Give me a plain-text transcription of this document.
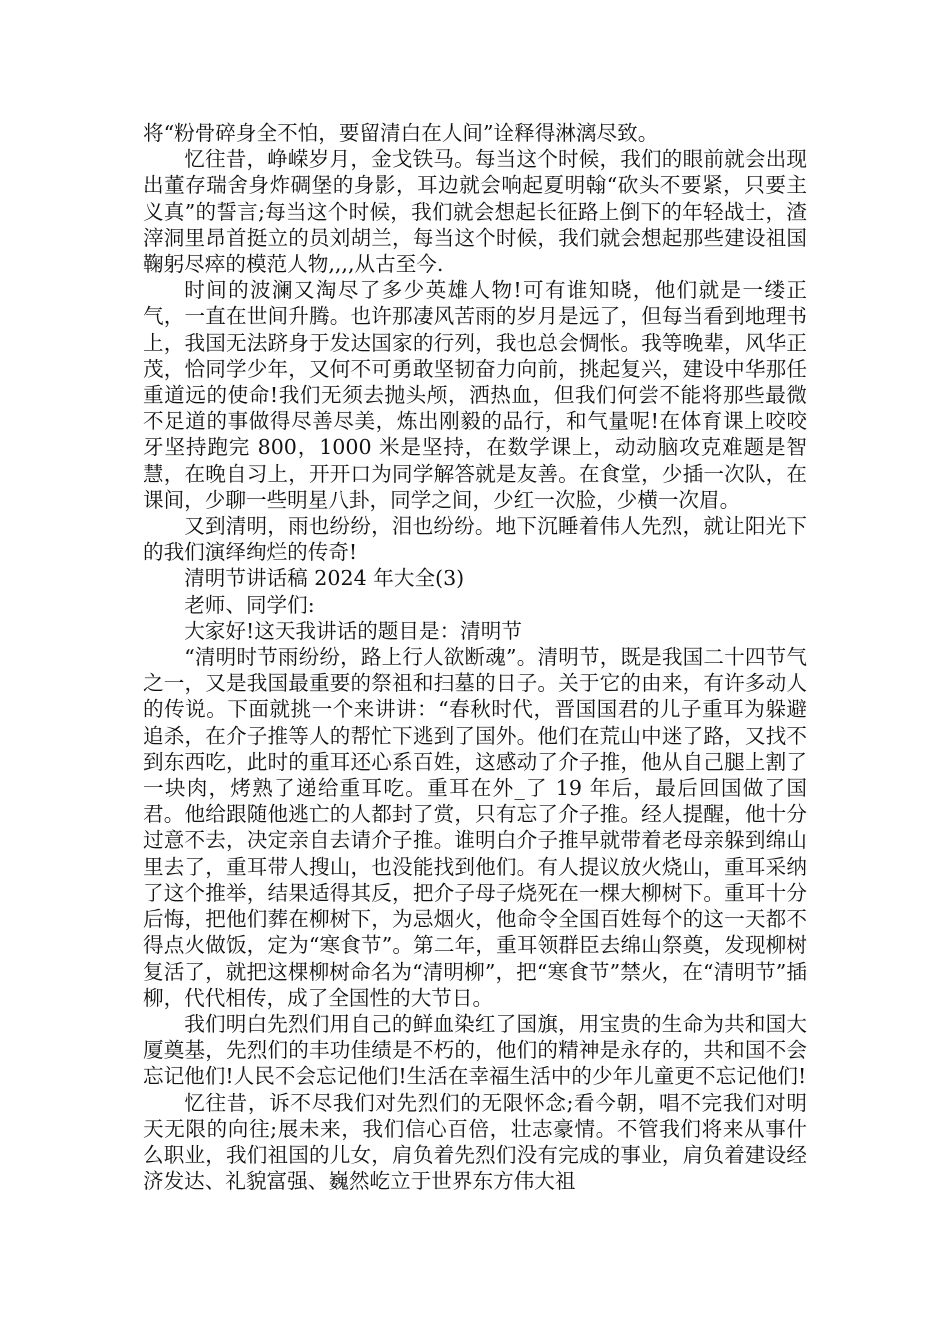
将“粉骨碎身全不怕，要留清白在人间”诠释得淋漓尽致。

忆往昔，峥嵘岁月，金戈铁马。每当这个时候，我们的眼前就会出现出董存瑞舍身炸碉堡的身影，耳边就会响起夏明翰“砍头不要紧，只要主义真”的誓言;每当这个时候，我们就会想起长征路上倒下的年轻战士，渣滓洞里昂首挺立的员刘胡兰，每当这个时候，我们就会想起那些建设祖国鞠躬尽瘁的模范人物,,,,从古至今.

时间的波澜又淘尽了多少英雄人物!可有谁知晓，他们就是一缕正气，一直在世间升腾。也许那凄风苦雨的岁月是远了，但每当看到地理书上，我国无法跻身于发达国家的行列，我也总会惆怅。我等晚辈，风华正茂，恰同学少年，又何不可勇敢坚韧奋力向前，挑起复兴，建设中华那任重道远的使命!我们无须去抛头颅，洒热血，但我们何尝不能将那些最微不足道的事做得尽善尽美，炼出刚毅的品行，和气量呢!在体育课上咬咬牙坚持跑完 800，1000 米是坚持，在数学课上，动动脑攻克难题是智慧，在晚自习上，开开口为同学解答就是友善。在食堂，少插一次队，在课间，少聊一些明星八卦，同学之间，少红一次脸，少横一次眉。

又到清明，雨也纷纷，泪也纷纷。地下沉睡着伟人先烈，就让阳光下的我们演绎绚烂的传奇!

清明节讲话稿 2024 年大全(3)

老师、同学们:

大家好!这天我讲话的题目是：清明节

“清明时节雨纷纷，路上行人欲断魂”。清明节，既是我国二十四节气之一，又是我国最重要的祭祖和扫墓的日子。关于它的由来，有许多动人的传说。下面就挑一个来讲讲：“春秋时代，晋国国君的儿子重耳为躲避追杀，在介子推等人的帮忙下逃到了国外。他们在荒山中迷了路，又找不到东西吃，此时的重耳还心系百姓，这感动了介子推，他从自己腿上割了一块肉，烤熟了递给重耳吃。重耳在外_了 19 年后，最后回国做了国君。他给跟随他逃亡的人都封了赏，只有忘了介子推。经人提醒，他十分过意不去，决定亲自去请介子推。谁明白介子推早就带着老母亲躲到绵山里去了，重耳带人搜山，也没能找到他们。有人提议放火烧山，重耳采纳了这个推举，结果适得其反，把介子母子烧死在一棵大柳树下。重耳十分后悔，把他们葬在柳树下，为忌烟火，他命令全国百姓每个的这一天都不得点火做饭，定为“寒食节”。第二年，重耳领群臣去绵山祭奠，发现柳树复活了，就把这棵柳树命名为“清明柳”，把“寒食节”禁火，在“清明节”插柳，代代相传，成了全国性的大节日。

我们明白先烈们用自己的鲜血染红了国旗，用宝贵的生命为共和国大厦奠基，先烈们的丰功佳绩是不朽的，他们的精神是永存的，共和国不会忘记他们!人民不会忘记他们!生活在幸福生活中的少年儿童更不忘记他们!

忆往昔，诉不尽我们对先烈们的无限怀念;看今朝，唱不完我们对明天无限的向往;展未来，我们信心百倍，壮志豪情。不管我们将来从事什么职业，我们祖国的儿女，肩负着先烈们没有完成的事业，肩负着建设经济发达、礼貌富强、巍然屹立于世界东方伟大祖
